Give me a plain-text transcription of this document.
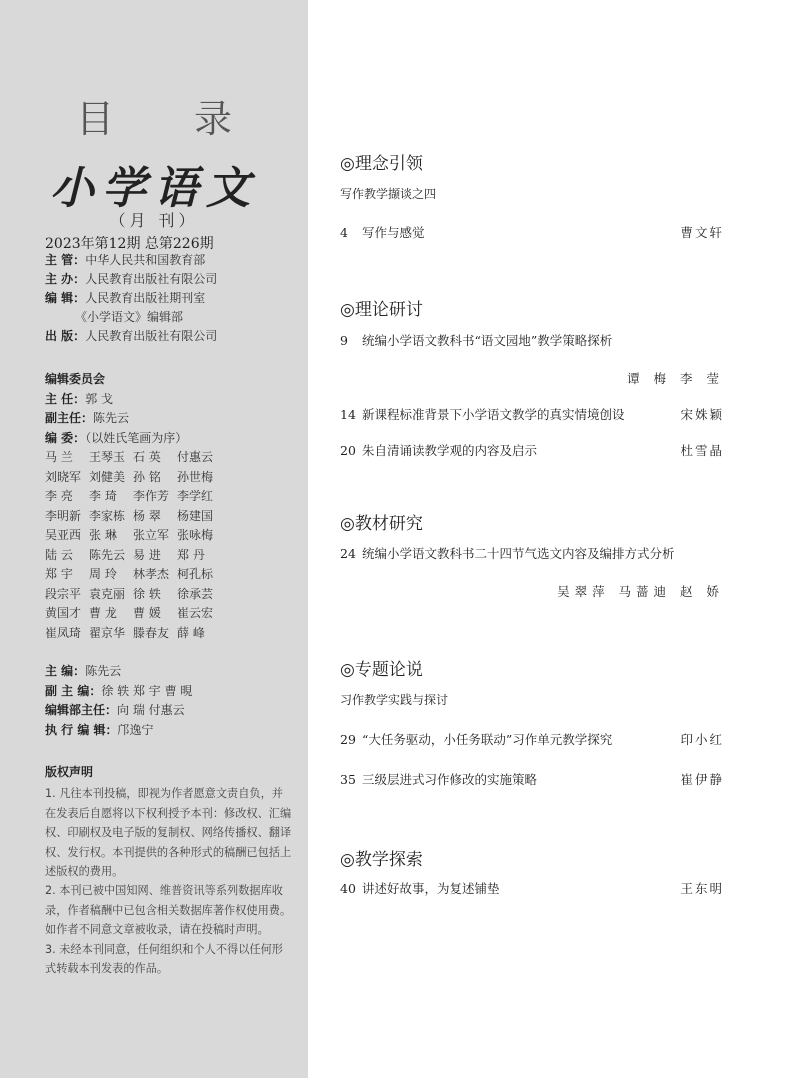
目 录
小学语文
（月 刊）
2023年第12期 总第226期
主 管：中华人民共和国教育部
主 办：人民教育出版社有限公司
编 辑：人民教育出版社期刊室
《小学语文》编辑部
出 版：人民教育出版社有限公司
编辑委员会
主 任：郭 戈
副主任：陈先云
编 委：（以姓氏笔画为序）
马 兰	王琴玉 石 英	付惠云
刘晓军 刘健美 孙 铭	孙世梅
李 亮	李 琦	李作芳 李学红
李明新 李家栋 杨 翠	杨建国
吴亚西 张 琳	张立军 张咏梅
陆 云	陈先云 易 进	郑 丹
郑 宇	周 玲	林孝杰 柯孔标
段宗平 袁克丽 徐 轶	徐承芸
黄国才 曹 龙	曹 媛	崔云宏
崔凤琦 翟京华 滕春友 薛 峰
主 编：陈先云
副 主 编：徐 轶 郑 宇 曹 晛
编辑部主任：向 瑞 付惠云
执 行 编 辑：邝逸宁
版权声明

1. 凡往本刊投稿，即视为作者愿意文责自负，并在发表后自愿将以下权利授予本刊：修改权、汇编权、印刷权及电子版的复制权、网络传播权、翻译权、发行权。本刊提供的各种形式的稿酬已包括上述版权的费用。

2. 本刊已被中国知网、维普资讯等系列数据库收录，作者稿酬中已包含相关数据库著作权使用费。如作者不同意文章被收录，请在投稿时声明。

3. 未经本刊同意，任何组织和个人不得以任何形式转载本刊发表的作品。

◎理念引领
写作教学撷谈之四
4 写作与感觉	曹文轩
◎理论研讨
9 统编小学语文教科书“语文园地”教学策略探析
谭 梅 李 莹
14 新课程标准背景下小学语文教学的真实情境创设	宋姝颖
20 朱自清诵读教学观的内容及启示	杜雪晶
◎教材研究
24 统编小学语文教科书二十四节气选文内容及编排方式分析
吴翠萍 马蔷迪 赵 娇
◎专题论说
习作教学实践与探讨
29 “大任务驱动，小任务联动”习作单元教学探究	印小红
35 三级层进式习作修改的实施策略	崔伊静
◎教学探索
40 讲述好故事，为复述铺垫	王东明
